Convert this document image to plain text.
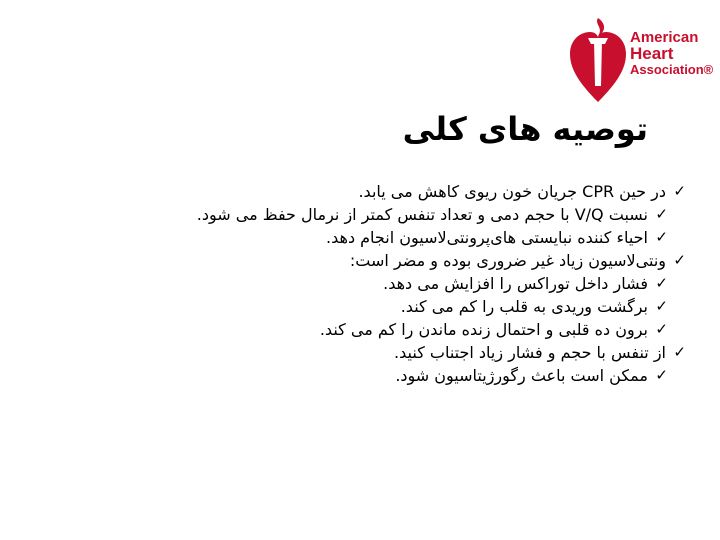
American
Heart
Association®
توصیه های کلی
✓
در حین CPR جریان خون ریوی کاهش می یابد.
✓
نسبت V/Q با حجم دمی و تعداد تنفس کمتر از نرمال حفظ می شود.
✓
احیاء کننده نبایستی های‌پرونتی‌لاسیون انجام دهد.
✓
ونتی‌لاسیون زیاد غیر ضروری بوده و مضر است:
✓
فشار داخل توراکس را افزایش می دهد.
✓
برگشت وریدی به قلب را کم می کند.
✓
برون ده قلبی و احتمال زنده ماندن را کم می کند.
✓
از تنفس با حجم و فشار زیاد اجتناب کنید.
✓
ممکن است باعث رگورژیتاسیون شود.
